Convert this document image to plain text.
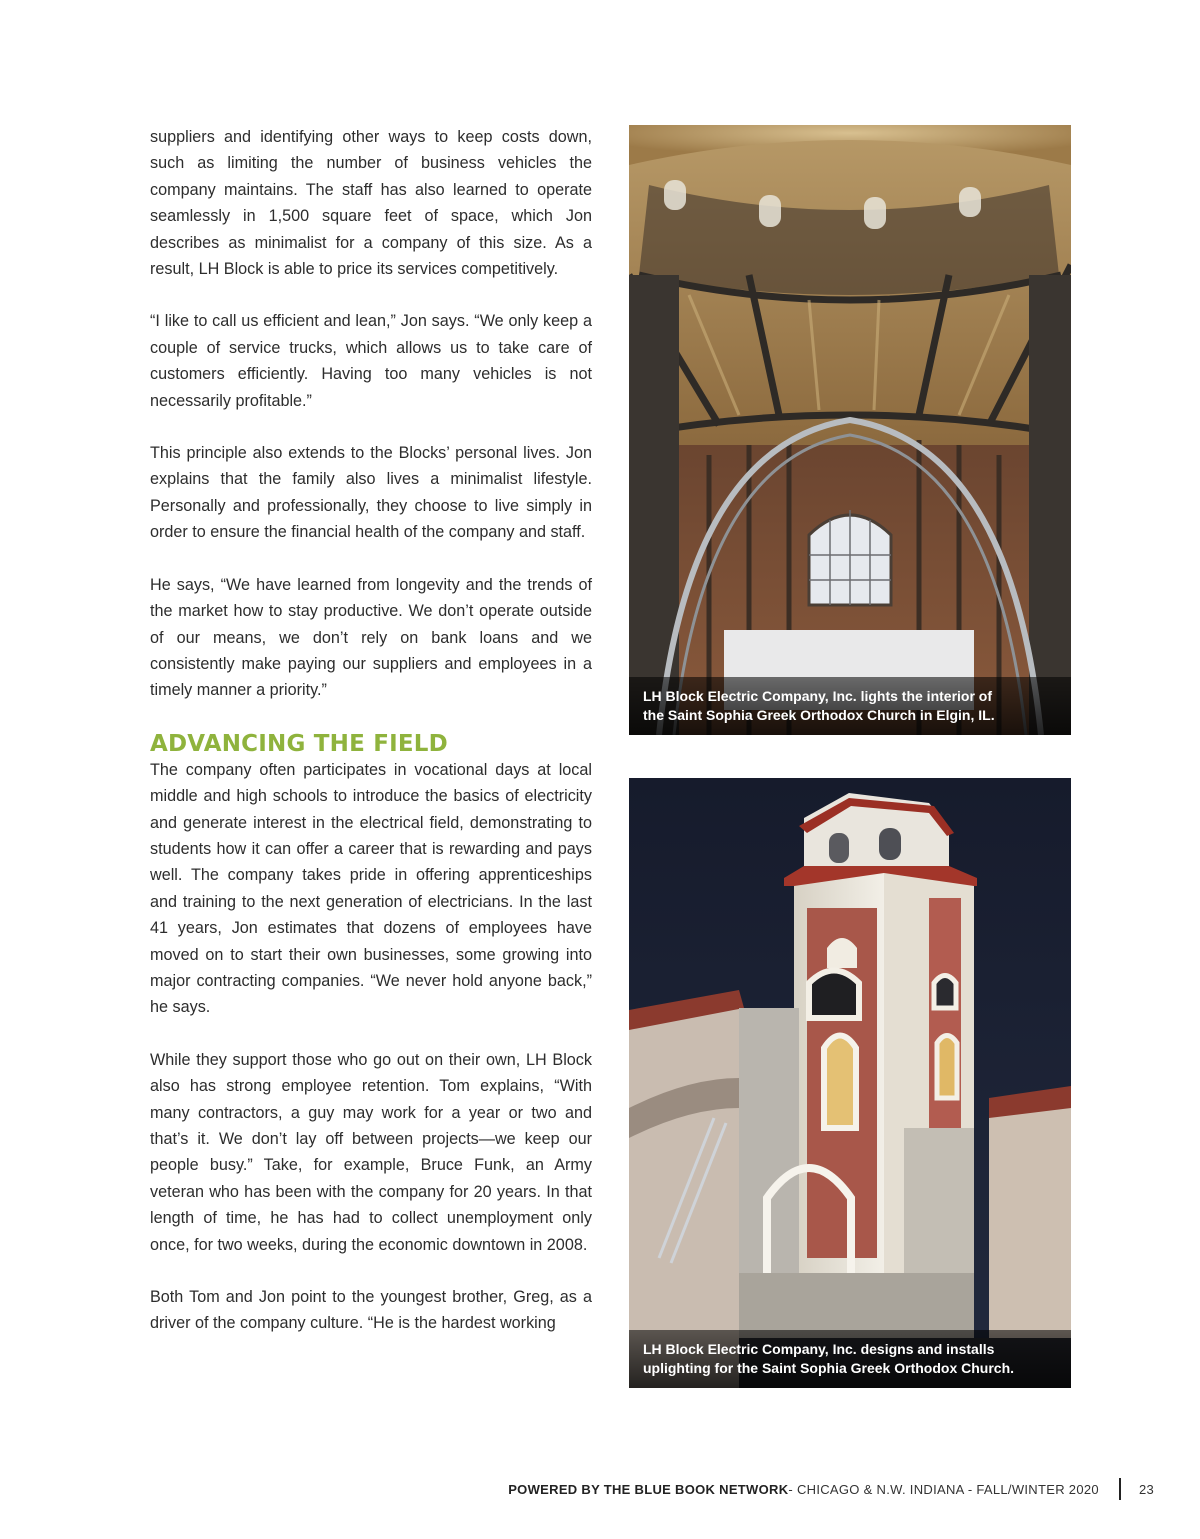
suppliers and identifying other ways to keep costs down, such as limiting the number of business vehicles the company maintains. The staff has also learned to operate seamlessly in 1,500 square feet of space, which Jon describes as minimalist for a company of this size. As a result, LH Block is able to price its services competitively.

“I like to call us efficient and lean,” Jon says. “We only keep a couple of service trucks, which allows us to take care of customers efficiently. Having too many vehicles is not necessarily profitable.”

This principle also extends to the Blocks’ personal lives. Jon explains that the family also lives a minimalist lifestyle. Personally and professionally, they choose to live simply in order to ensure the financial health of the company and staff.

He says, “We have learned from longevity and the trends of the market how to stay productive. We don’t operate outside of our means, we don’t rely on bank loans and we consistently make paying our suppliers and employees in a timely manner a priority.”

ADVANCING THE FIELD

The company often participates in vocational days at local middle and high schools to introduce the basics of electricity and generate interest in the electrical field, demonstrating to students how it can offer a career that is rewarding and pays well. The company takes pride in offering apprenticeships and training to the next generation of electricians. In the last 41 years, Jon estimates that dozens of employees have moved on to start their own businesses, some growing into major contracting companies. “We never hold anyone back,” he says.

While they support those who go out on their own, LH Block also has strong employee retention. Tom explains, “With many contractors, a guy may work for a year or two and that’s it. We don’t lay off between projects—we keep our people busy.” Take, for example, Bruce Funk, an Army veteran who has been with the company for 20 years. In that length of time, he has had to collect unemployment only once, for two weeks, during the economic downtown in 2008.

Both Tom and Jon point to the youngest brother, Greg, as a driver of the company culture. “He is the hardest working

LH Block Electric Company, Inc. lights the interior of
the Saint Sophia Greek Orthodox Church in Elgin, IL.
LH Block Electric Company, Inc. designs and installs
uplighting for the Saint Sophia Greek Orthodox Church.
POWERED BY THE BLUE BOOK NETWORK - CHICAGO & N.W. INDIANA - FALL/WINTER 2020	23
